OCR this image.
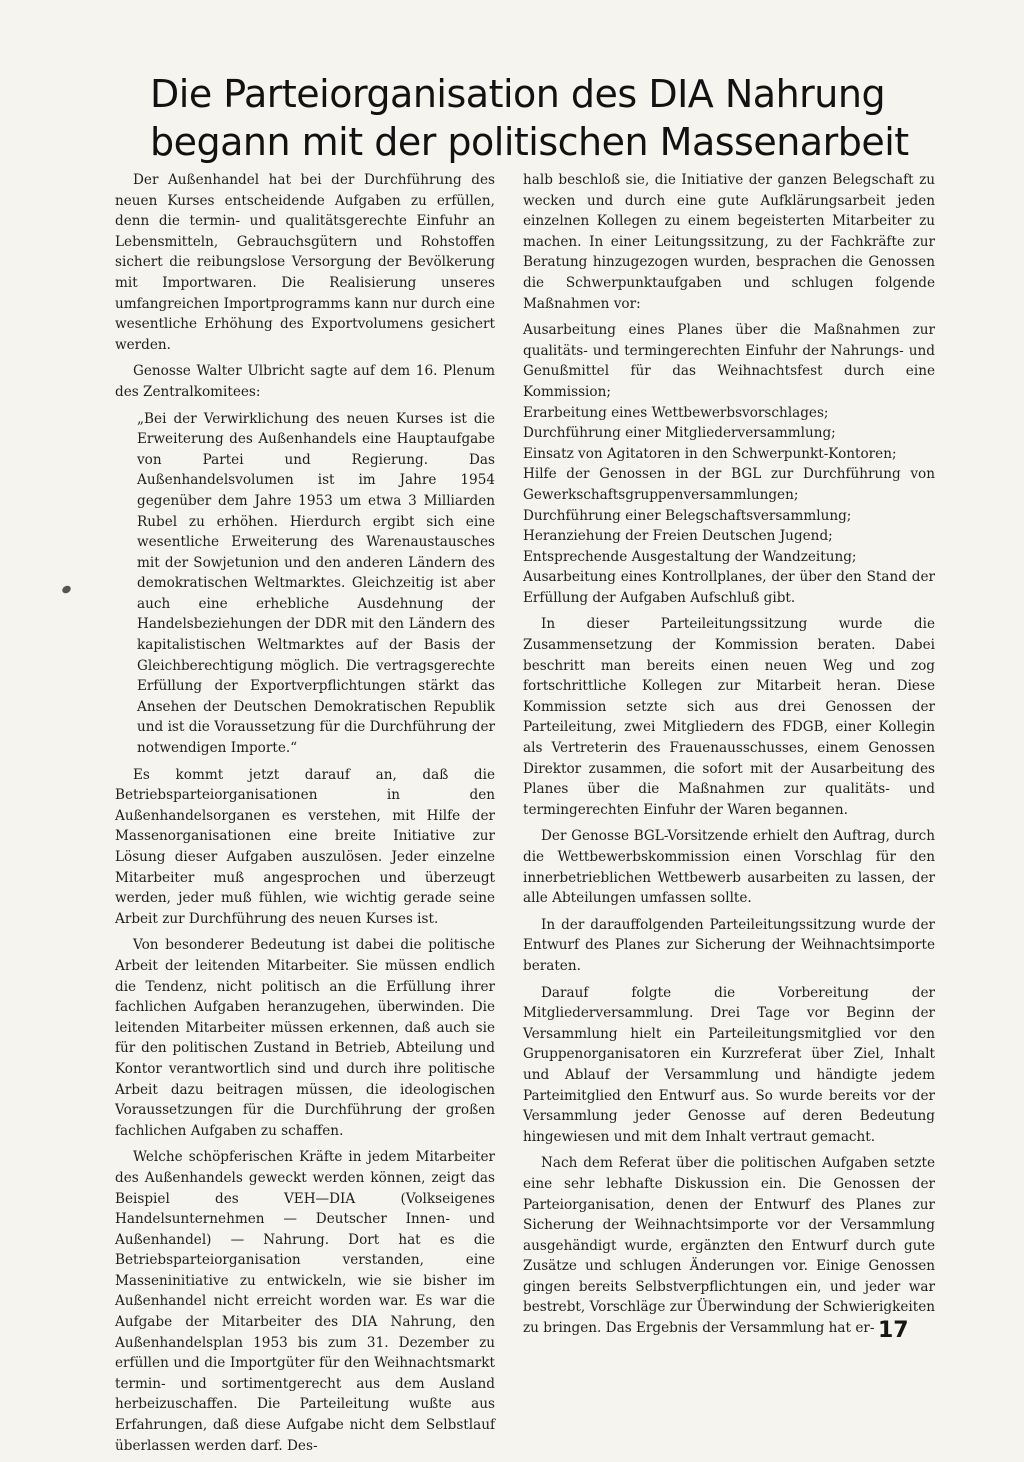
Die Parteiorganisation des DIA Nahrung
begann mit der politischen Massenarbeit

Der Außenhandel hat bei der Durchführung des neuen Kurses entscheidende Aufgaben zu erfüllen, denn die termin- und qualitätsgerechte Einfuhr an Lebensmitteln, Gebrauchsgütern und Rohstoffen sichert die reibungslose Versorgung der Bevölkerung mit Importwaren. Die Realisierung unseres umfangreichen Importprogramms kann nur durch eine wesentliche Erhöhung des Exportvolumens gesichert werden.

Genosse Walter Ulbricht sagte auf dem 16. Plenum des Zentralkomitees:

„Bei der Verwirklichung des neuen Kurses ist die Erweiterung des Außenhandels eine Hauptaufgabe von Partei und Regierung. Das Außenhandelsvolumen ist im Jahre 1954 gegenüber dem Jahre 1953 um etwa 3 Milliarden Rubel zu erhöhen. Hierdurch ergibt sich eine wesentliche Erweiterung des Warenaustausches mit der Sowjetunion und den anderen Ländern des demokratischen Weltmarktes. Gleichzeitig ist aber auch eine erhebliche Ausdehnung der Handelsbeziehungen der DDR mit den Ländern des kapitalistischen Weltmarktes auf der Basis der Gleichberechtigung möglich. Die vertragsgerechte Erfüllung der Exportverpflichtungen stärkt das Ansehen der Deutschen Demokratischen Republik und ist die Voraussetzung für die Durchführung der notwendigen Importe.“

Es kommt jetzt darauf an, daß die Betriebsparteiorganisationen in den Außenhandelsorganen es verstehen, mit Hilfe der Massenorganisationen eine breite Initiative zur Lösung dieser Aufgaben auszulösen. Jeder einzelne Mitarbeiter muß angesprochen und überzeugt werden, jeder muß fühlen, wie wichtig gerade seine Arbeit zur Durchführung des neuen Kurses ist.

Von besonderer Bedeutung ist dabei die politische Arbeit der leitenden Mitarbeiter. Sie müssen endlich die Tendenz, nicht politisch an die Erfüllung ihrer fachlichen Aufgaben heranzugehen, überwinden. Die leitenden Mitarbeiter müssen erkennen, daß auch sie für den politischen Zustand in Betrieb, Abteilung und Kontor verantwortlich sind und durch ihre politische Arbeit dazu beitragen müssen, die ideologischen Voraussetzungen für die Durchführung der großen fachlichen Aufgaben zu schaffen.

Welche schöpferischen Kräfte in jedem Mitarbeiter des Außenhandels geweckt werden können, zeigt das Beispiel des VEH—DIA (Volkseigenes Handelsunternehmen — Deutscher Innen- und Außenhandel) — Nahrung. Dort hat es die Betriebsparteiorganisation verstanden, eine Masseninitiative zu entwickeln, wie sie bisher im Außenhandel nicht erreicht worden war. Es war die Aufgabe der Mitarbeiter des DIA Nahrung, den Außenhandelsplan 1953 bis zum 31. Dezember zu erfüllen und die Importgüter für den Weihnachtsmarkt termin- und sortimentgerecht aus dem Ausland herbeizuschaffen. Die Parteileitung wußte aus Erfahrungen, daß diese Aufgabe nicht dem Selbstlauf überlassen werden darf. Des-

halb beschloß sie, die Initiative der ganzen Belegschaft zu wecken und durch eine gute Aufklärungsarbeit jeden einzelnen Kollegen zu einem begeisterten Mitarbeiter zu machen. In einer Leitungssitzung, zu der Fachkräfte zur Beratung hinzugezogen wurden, besprachen die Genossen die Schwerpunktaufgaben und schlugen folgende Maßnahmen vor:

Ausarbeitung eines Planes über die Maßnahmen zur qualitäts- und termingerechten Einfuhr der Nahrungs- und Genußmittel für das Weihnachtsfest durch eine Kommission;

Erarbeitung eines Wettbewerbsvorschlages;

Durchführung einer Mitgliederversammlung;

Einsatz von Agitatoren in den Schwerpunkt-Kontoren;

Hilfe der Genossen in der BGL zur Durchführung von Gewerkschaftsgruppenversammlungen;

Durchführung einer Belegschaftsversammlung;

Heranziehung der Freien Deutschen Jugend;

Entsprechende Ausgestaltung der Wandzeitung;

Ausarbeitung eines Kontrollplanes, der über den Stand der Erfüllung der Aufgaben Aufschluß gibt.

In dieser Parteileitungssitzung wurde die Zusammensetzung der Kommission beraten. Dabei beschritt man bereits einen neuen Weg und zog fortschrittliche Kollegen zur Mitarbeit heran. Diese Kommission setzte sich aus drei Genossen der Parteileitung, zwei Mitgliedern des FDGB, einer Kollegin als Vertreterin des Frauenausschusses, einem Genossen Direktor zusammen, die sofort mit der Ausarbeitung des Planes über die Maßnahmen zur qualitäts- und termingerechten Einfuhr der Waren begannen.

Der Genosse BGL-Vorsitzende erhielt den Auftrag, durch die Wettbewerbskommission einen Vorschlag für den innerbetrieblichen Wettbewerb ausarbeiten zu lassen, der alle Abteilungen umfassen sollte.

In der darauffolgenden Parteileitungssitzung wurde der Entwurf des Planes zur Sicherung der Weihnachtsimporte beraten.

Darauf folgte die Vorbereitung der Mitgliederversammlung. Drei Tage vor Beginn der Versammlung hielt ein Parteileitungsmitglied vor den Gruppenorganisatoren ein Kurzreferat über Ziel, Inhalt und Ablauf der Versammlung und händigte jedem Parteimitglied den Entwurf aus. So wurde bereits vor der Versammlung jeder Genosse auf deren Bedeutung hingewiesen und mit dem Inhalt vertraut gemacht.

Nach dem Referat über die politischen Aufgaben setzte eine sehr lebhafte Diskussion ein. Die Genossen der Parteiorganisation, denen der Entwurf des Planes zur Sicherung der Weihnachtsimporte vor der Versammlung ausgehändigt wurde, ergänzten den Entwurf durch gute Zusätze und schlugen Änderungen vor. Einige Genossen gingen bereits Selbstverpflichtungen ein, und jeder war bestrebt, Vorschläge zur Überwindung der Schwierigkeiten zu bringen. Das Ergebnis der Versammlung hat er- 17
